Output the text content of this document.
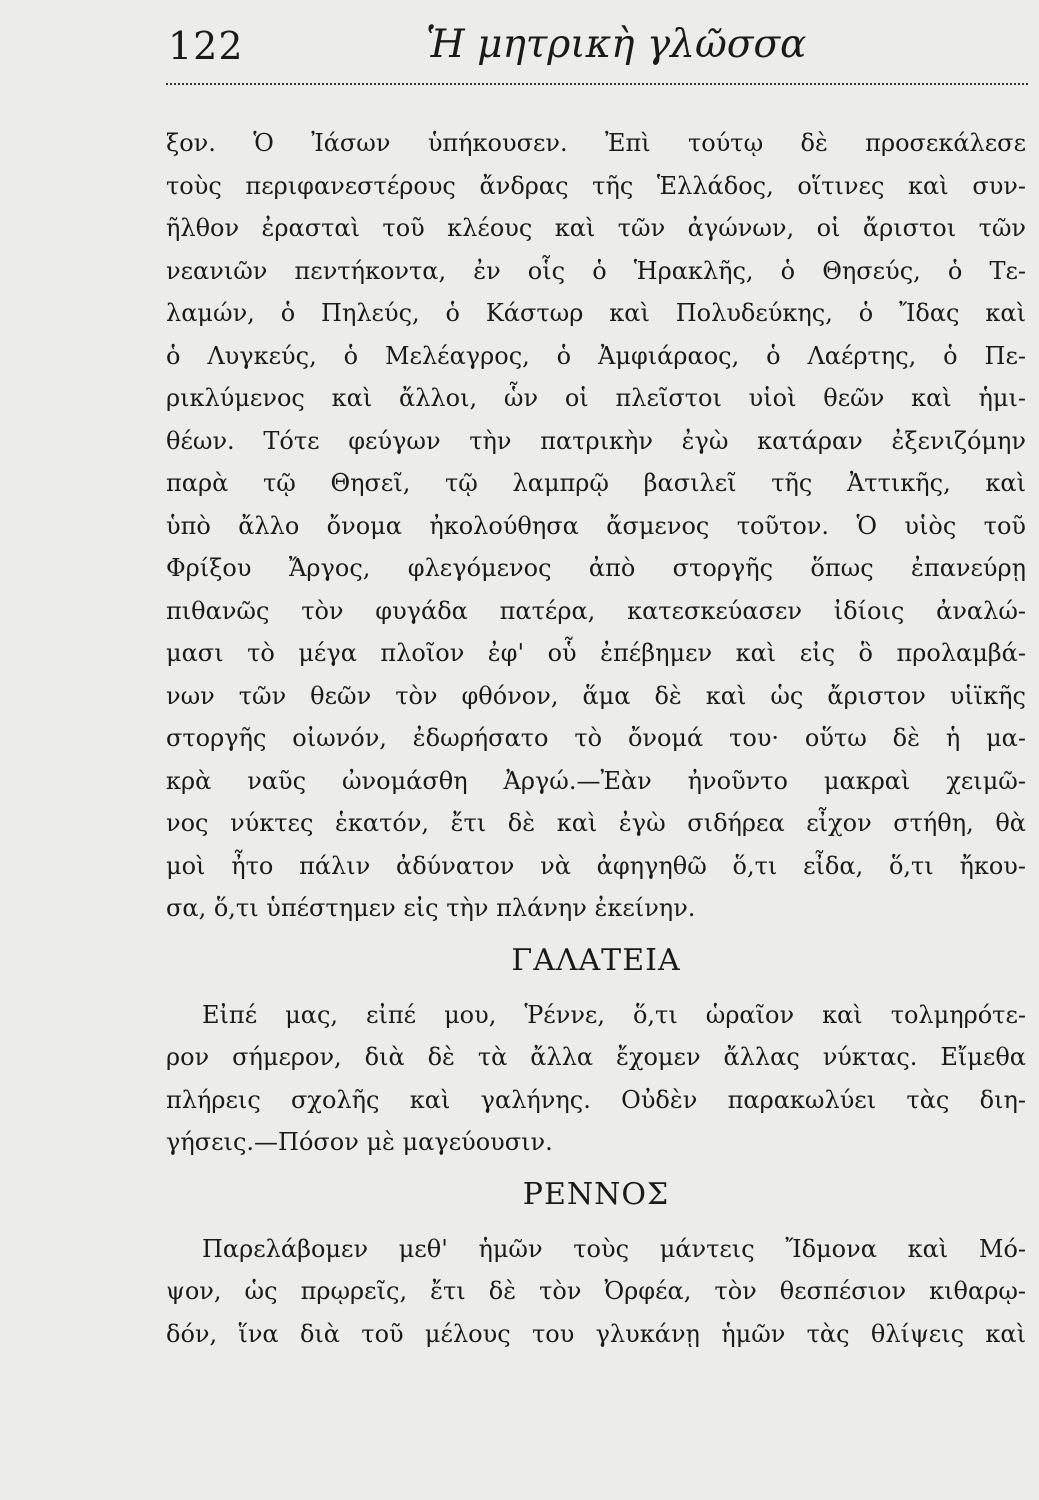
122	Ἡ μητρικὴ γλῶσσα
ξον. Ὁ Ἰάσων ὑπήκουσεν. Ἐπὶ τούτῳ δὲ προσεκάλεσε
τοὺς περιφανεστέρους ἄνδρας τῆς Ἑλλάδος, οἵτινες καὶ συν-
ῆλθον ἐρασταὶ τοῦ κλέους καὶ τῶν ἀγώνων, οἱ ἄριστοι τῶν
νεανιῶν πεντήκοντα, ἐν οἷς ὁ Ἡρακλῆς, ὁ Θησεύς, ὁ Τε-
λαμών, ὁ Πηλεύς, ὁ Κάστωρ καὶ Πολυδεύκης, ὁ Ἴδας καὶ
ὁ Λυγκεύς, ὁ Μελέαγρος, ὁ Ἀμφιάραος, ὁ Λαέρτης, ὁ Πε-
ρικλύμενος καὶ ἄλλοι, ὧν οἱ πλεῖστοι υἱοὶ θεῶν καὶ ἡμι-
θέων. Τότε φεύγων τὴν πατρικὴν ἐγὼ κατάραν ἐξενιζόμην
παρὰ τῷ Θησεῖ, τῷ λαμπρῷ βασιλεῖ τῆς Ἀττικῆς, καὶ
ὑπὸ ἄλλο ὄνομα ἠκολούθησα ἄσμενος τοῦτον. Ὁ υἱὸς τοῦ
Φρίξου Ἄργος, φλεγόμενος ἀπὸ στοργῆς ὅπως ἐπανεύρῃ
πιθανῶς τὸν φυγάδα πατέρα, κατεσκεύασεν ἰδίοις ἀναλώ-
μασι τὸ μέγα πλοῖον ἐφ' οὗ ἐπέβημεν καὶ εἰς ὃ προλαμβά-
νων τῶν θεῶν τὸν φθόνον, ἅμα δὲ καὶ ὡς ἄριστον υἱϊκῆς
στοργῆς οἰωνόν, ἐδωρήσατο τὸ ὄνομά του· οὕτω δὲ ἡ μα-
κρὰ ναῦς ὠνομάσθη Ἀργώ.—Ἐὰν ἠνοῦντο μακραὶ χειμῶ-
νος νύκτες ἑκατόν, ἔτι δὲ καὶ ἐγὼ σιδήρεα εἶχον στήθη, θὰ
μοὶ ἦτο πάλιν ἀδύνατον νὰ ἀφηγηθῶ ὅ,τι εἶδα, ὅ,τι ἤκου-
σα, ὅ,τι ὑπέστημεν εἰς τὴν πλάνην ἐκείνην.
ΓΑΛΑΤΕΙΑ
Εἰπέ μας, εἰπέ μου, Ῥέννε, ὅ,τι ὡραῖον καὶ τολμηρότε-
ρον σήμερον, διὰ δὲ τὰ ἄλλα ἔχομεν ἄλλας νύκτας. Εἴμεθα
πλήρεις σχολῆς καὶ γαλήνης. Οὐδὲν παρακωλύει τὰς διη-
γήσεις.—Πόσον μὲ μαγεύουσιν.
ΡΕΝΝΟΣ
Παρελάβομεν μεθ' ἡμῶν τοὺς μάντεις Ἴδμονα καὶ Μό-
ψον, ὡς πρῳρεῖς, ἔτι δὲ τὸν Ὀρφέα, τὸν θεσπέσιον κιθαρῳ-
δόν, ἵνα διὰ τοῦ μέλους του γλυκάνῃ ἡμῶν τὰς θλίψεις καὶ
